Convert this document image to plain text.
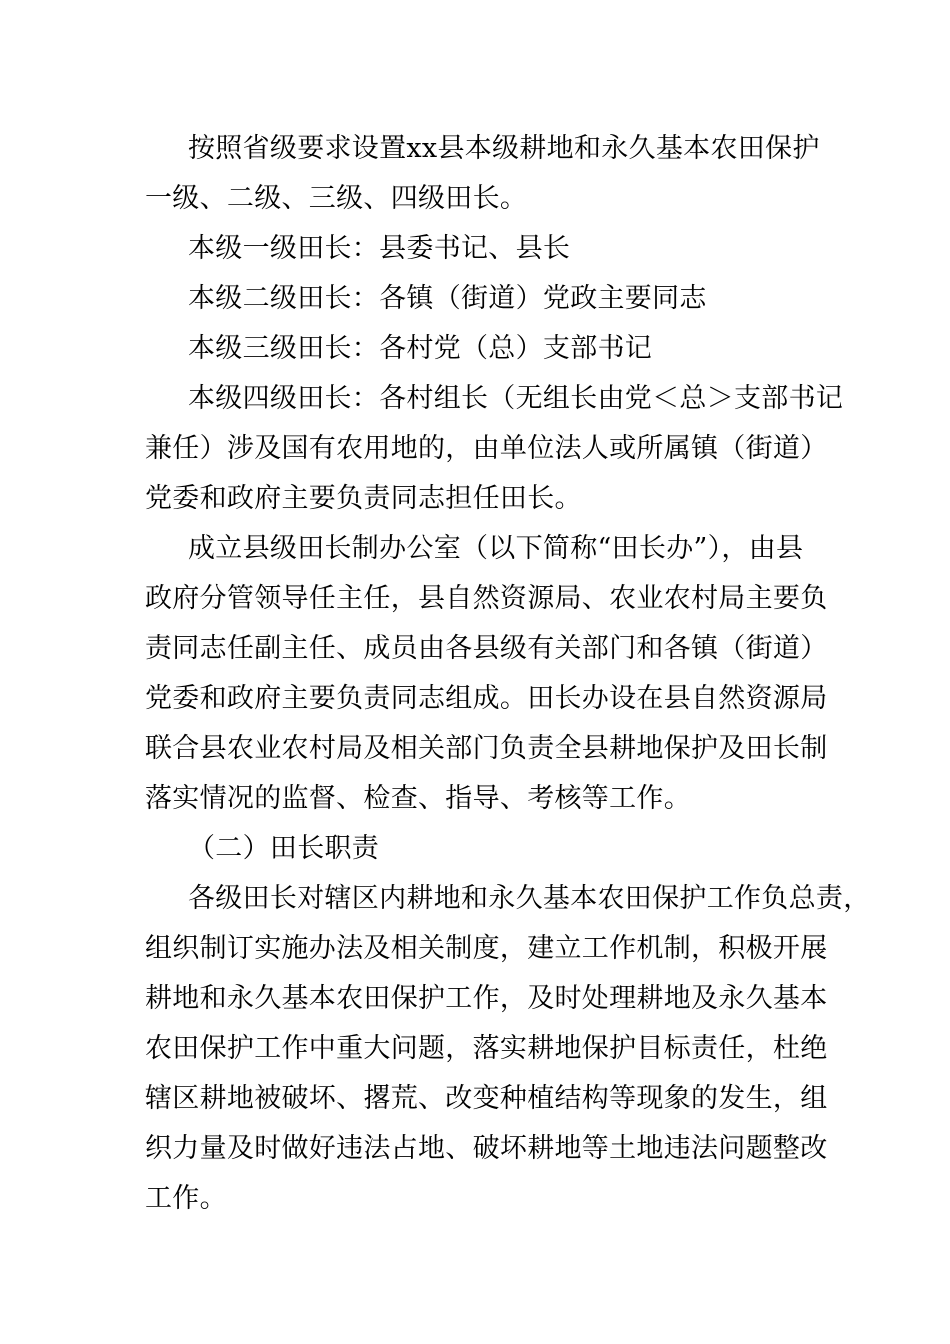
按照省级要求设置xx县本级耕地和永久基本农田保护
一级、二级、三级、四级田长。
本级一级田长：县委书记、县长
本级二级田长：各镇（街道）党政主要同志
本级三级田长：各村党（总）支部书记
本级四级田长：各村组长（无组长由党＜总＞支部书记
兼任）涉及国有农用地的，由单位法人或所属镇（街道）
党委和政府主要负责同志担任田长。
成立县级田长制办公室（以下简称“田长办”），由县
政府分管领导任主任，县自然资源局、农业农村局主要负
责同志任副主任、成员由各县级有关部门和各镇（街道）
党委和政府主要负责同志组成。田长办设在县自然资源局
联合县农业农村局及相关部门负责全县耕地保护及田长制
落实情况的监督、检查、指导、考核等工作。
（二）田长职责
各级田长对辖区内耕地和永久基本农田保护工作负总责，
组织制订实施办法及相关制度，建立工作机制，积极开展
耕地和永久基本农田保护工作，及时处理耕地及永久基本
农田保护工作中重大问题，落实耕地保护目标责任，杜绝
辖区耕地被破坏、撂荒、改变种植结构等现象的发生，组
织力量及时做好违法占地、破坏耕地等土地违法问题整改
工作。
